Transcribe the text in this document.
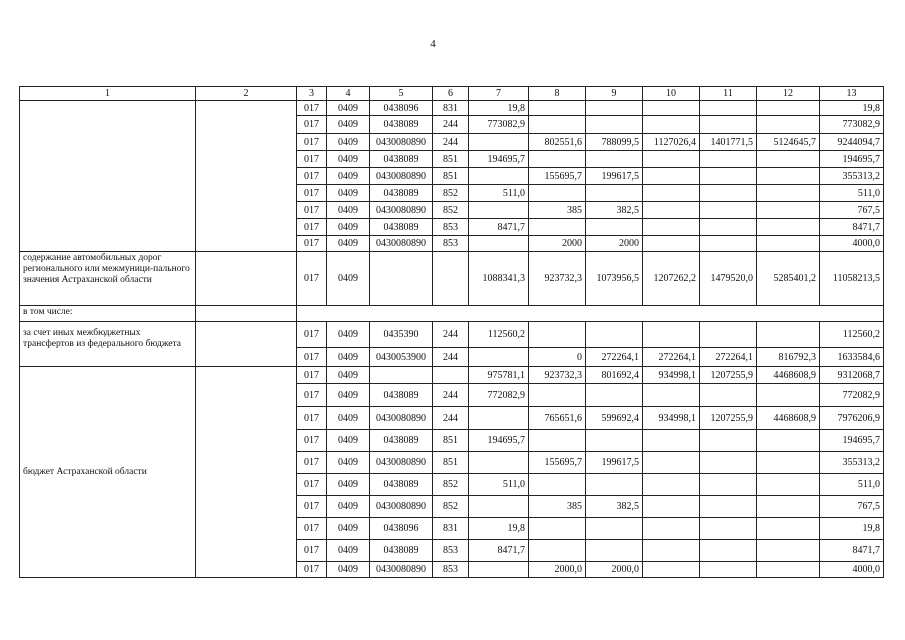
4
1	2	3	4	5	6	7	8	9	10	11	12	13
		017	0409	0438096	831	19,8						19,8
		017	0409	0438089	244	773082,9						773082,9
		017	0409	0430080890	244		802551,6	788099,5	1127026,4	1401771,5	5124645,7	9244094,7
		017	0409	0438089	851	194695,7						194695,7
		017	0409	0430080890	851		155695,7	199617,5				355313,2
		017	0409	0438089	852	511,0						511,0
		017	0409	0430080890	852		385	382,5				767,5
		017	0409	0438089	853	8471,7						8471,7
		017	0409	0430080890	853		2000	2000				4000,0
содержание автомобильных дорог регионального или межмуници-пального значения Астраханской области		017	0409			1088341,3	923732,3	1073956,5	1207262,2	1479520,0	5285401,2	11058213,5
в том числе:												
за счет иных межбюджетных трансфертов из федерального бюджета		017	0409	0435390	244	112560,2						112560,2
		017	0409	0430053900	244		0	272264,1	272264,1	272264,1	816792,3	1633584,6
бюджет Астраханской области		017	0409			975781,1	923732,3	801692,4	934998,1	1207255,9	4468608,9	9312068,7
		017	0409	0438089	244	772082,9						772082,9
		017	0409	0430080890	244		765651,6	599692,4	934998,1	1207255,9	4468608,9	7976206,9
		017	0409	0438089	851	194695,7						194695,7
		017	0409	0430080890	851		155695,7	199617,5				355313,2
		017	0409	0438089	852	511,0						511,0
		017	0409	0430080890	852		385	382,5				767,5
		017	0409	0438096	831	19,8						19,8
		017	0409	0438089	853	8471,7						8471,7
		017	0409	0430080890	853		2000,0	2000,0				4000,0
